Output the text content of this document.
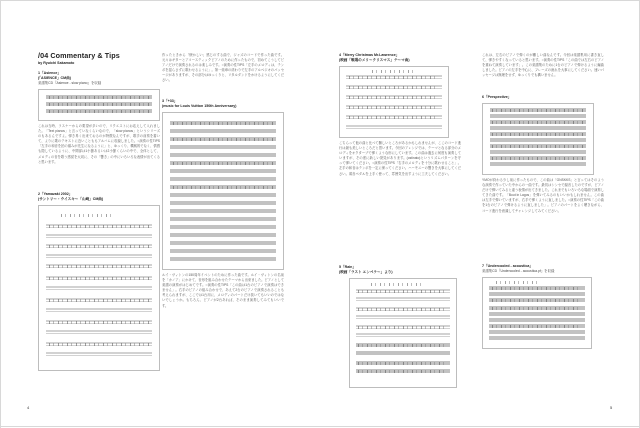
/04 Commentary & Tips
by Ryuichi Sakamoto
1「Asience」
(「ASIENCE」CM曲)
楽譜集CD『Asience - slow piano』を収録
これは当時、ラスナーからの要望が多いので、リクエストにお応えして入れました。「Text pianos」と言っていなくらいなので、「slow pianos」というシリーズのもあるんですよ。弾き易く出来ておるのが特徴なんですが、歌手の前奏を書いて、よりに歌のテキストに近いことももアルバムに収録しました。○演奏の性TIPS「左手の和音を拍の頭みが先生になるように」と、ゆっくり、機械的でなく、情感も隠しているように、中間部は1小節あるいは2小節くらいの中で、全体として、メロディの音を歌う感覚を大切に、その「響き」の中にいろいろな表情が出てくると思います。
2「Yamazaki 2002」
(サントリー・ウイスキー「山崎」CM曲)
作ったときから「懐かしい」感じのする曲で、ジャズのコードで作った曲です。元々はギターとアコースティックピアノのために作ったもので、初めてこうしてピアノだけで演奏されるのは楽しみです。○演奏の性TIPS「左手のメロディは、テンポを揺らさずに歌わせるように」。第一楽章の終わりで左手のアルペジオのパッセージがありますが、その部分はゆっくりと、リタルダンドをかけるようにしてください。
3「+33」
(music for Louis Vuitton 150th Anniversary)
ルイ・ヴィトンの150周年イベントのために作った曲です。ルイ・ヴィトンの名前を「カノア」にかけて、音形を組み合わせたテーマから出来ました。ピアノとして楽譜の演奏がはじめてです。○演奏の性TIPS「この曲は1台のピアノで演奏はできません」。右手のピアノの組み合わせで、あえて2台のピアノで演奏されることも考えられますが、ここでは1台用に、メロディのパートだけ抜いてもいいのではないでしょうか。もちろん、ピアノが2台あれば、そのまま演奏してみてもいいです。
4「Merry Christmas Mr.Lawrence」
(映画「戦場のメリークリスマス」テーマ曲)
こちらって他の曲と比べて難しいところがあるかもしれませんが、ここのコード進行は最も美しいところだと思います。今回のアレンジでは、テーマとなる部分のメロディをオクターブで弾くような形にしています。この曲は過去に何度も演奏していますが、その度に新しい発見があります。(ostinato)というリズムパターンを守って弾いてください。○演奏の性TIPS「右手のメロディを十分に歌わせること」。左手の和音はテンポを一定に保ってください。ハーモニーの響きを大事にしてください。弱音ペダルを上手く使って、雰囲気を出すように工夫してください。
5「Rain」
(映画「ラスト エンペラー」より)
これは、左右のピアノで弾くのが難しい曲なんです。今回は楽譜集用に書き直して、弾きやすくなっていると思います。○演奏の性TIPS「この曲では左右のピアノを重ねて演奏しています」。この楽譜集のために1台のピアノで弾けるように編曲しました。ピアノの左手を中心に、フレーズの流れを大事にしてください。速いパッセージは無理をせず、ゆっくりでも構いません。
6「Perspective」
YMOが終わる少し前に作ったもので、この曲は「GNSKKS」と言ってはそのような演奏で作っていた中からの一曲です。最初はシンセで録音したのですが、ピアノだけで弾いてみると違う表情が出てきました。これまでもいろいろな場面で演奏してきた曲です。「Bout in Lagos」を弾いてみるのもいいかもしれません。この曲は左手で弾いていますが、右手で弾くように直しました。○演奏の性TIPS「この曲を1台のピアノで弾けるように直しました」。ピアノのパートをよく聴きながら、コード進行を意識してチャレンジしてみてください。
7「Undercooled - acoustica」
楽譜集CD『Undercooled - acoustica.pf』を収録
4	5
